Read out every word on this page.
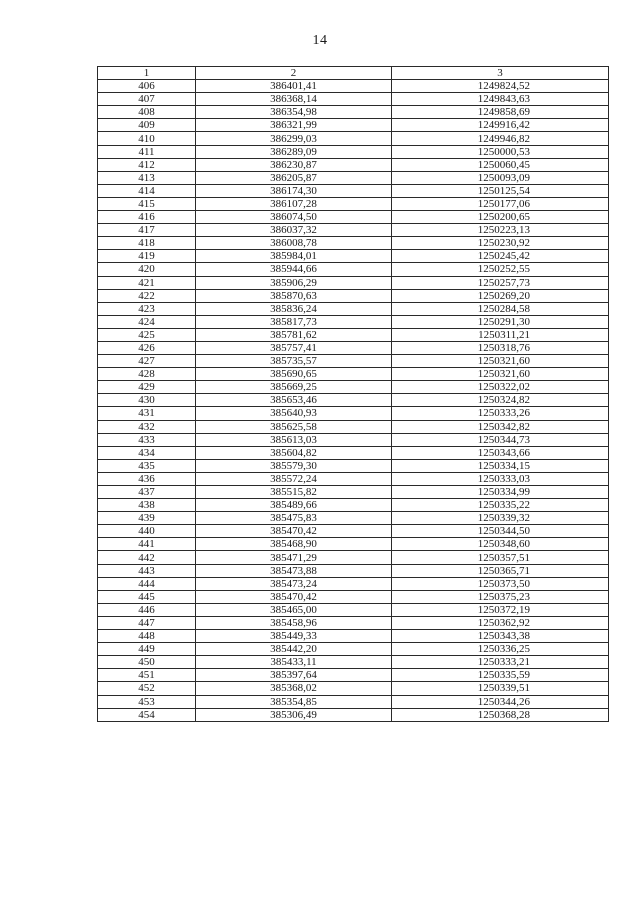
14
1	2	3
406	386401,41	1249824,52
407	386368,14	1249843,63
408	386354,98	1249858,69
409	386321,99	1249916,42
410	386299,03	1249946,82
411	386289,09	1250000,53
412	386230,87	1250060,45
413	386205,87	1250093,09
414	386174,30	1250125,54
415	386107,28	1250177,06
416	386074,50	1250200,65
417	386037,32	1250223,13
418	386008,78	1250230,92
419	385984,01	1250245,42
420	385944,66	1250252,55
421	385906,29	1250257,73
422	385870,63	1250269,20
423	385836,24	1250284,58
424	385817,73	1250291,30
425	385781,62	1250311,21
426	385757,41	1250318,76
427	385735,57	1250321,60
428	385690,65	1250321,60
429	385669,25	1250322,02
430	385653,46	1250324,82
431	385640,93	1250333,26
432	385625,58	1250342,82
433	385613,03	1250344,73
434	385604,82	1250343,66
435	385579,30	1250334,15
436	385572,24	1250333,03
437	385515,82	1250334,99
438	385489,66	1250335,22
439	385475,83	1250339,32
440	385470,42	1250344,50
441	385468,90	1250348,60
442	385471,29	1250357,51
443	385473,88	1250365,71
444	385473,24	1250373,50
445	385470,42	1250375,23
446	385465,00	1250372,19
447	385458,96	1250362,92
448	385449,33	1250343,38
449	385442,20	1250336,25
450	385433,11	1250333,21
451	385397,64	1250335,59
452	385368,02	1250339,51
453	385354,85	1250344,26
454	385306,49	1250368,28
